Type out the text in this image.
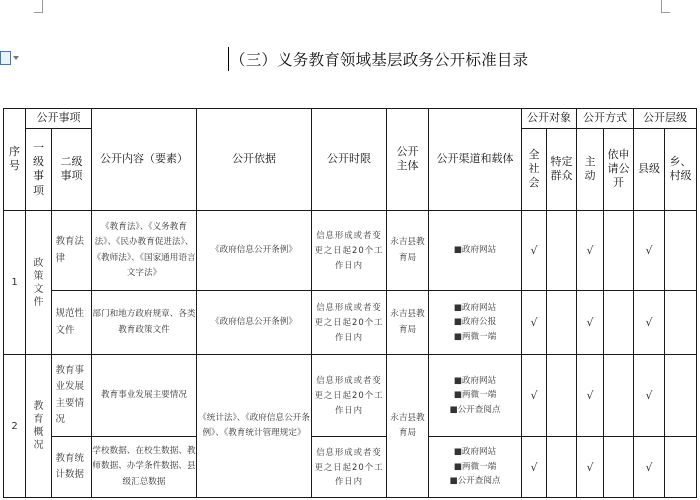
（三）义务教育领域基层政务公开标准目录
序号	公开事项		公开内容（要素）	公开依据	公开时限	公开主体	公开渠道和载体	公开对象		公开方式		公开层级	
	一级事项	二级事项						全社会	特定群众	主动	依申请公开	县级	乡、村级
1	政策文件	教育法律	《教育法》、《义务教育法》、《民办教育促进法》、《教师法》、《国家通用语言文字法》	《政府信息公开条例》	信息形成或者变更之日起20个工作日内	永吉县教育局	■政府网站	√		√		√	
		规范性文件	部门和地方政府规章、各类教育政策文件	《政府信息公开条例》	信息形成或者变更之日起20个工作日内	永吉县教育局	■政府网站
■政府公报
■两微一端	√		√		√	
2	教育概况	教育事业发展主要情况	教育事业发展主要情况	《统计法》、《政府信息公开条例》、《教育统计管理规定》	信息形成或者变更之日起20个工作日内	永吉县教育局	■政府网站
■两微一端
■公开查阅点	√		√		√	
		教育统计数据	学校数据、在校生数据、教师数据、办学条件数据、县级汇总数据		信息形成或者变更之日起20个工作日内		■政府网站
■两微一端
■公开查阅点	√		√		√	
